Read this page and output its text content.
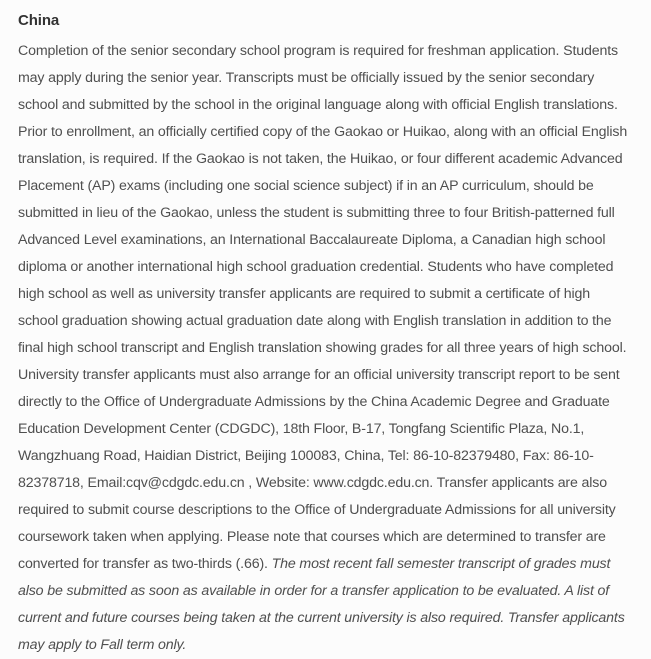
China

Completion of the senior secondary school program is required for freshman application. Students may apply during the senior year. Transcripts must be officially issued by the senior secondary school and submitted by the school in the original language along with official English translations. Prior to enrollment, an officially certified copy of the Gaokao or Huikao, along with an official English translation, is required. If the Gaokao is not taken, the Huikao, or four different academic Advanced Placement (AP) exams (including one social science subject) if in an AP curriculum, should be submitted in lieu of the Gaokao, unless the student is submitting three to four British-patterned full Advanced Level examinations, an International Baccalaureate Diploma, a Canadian high school diploma or another international high school graduation credential. Students who have completed high school as well as university transfer applicants are required to submit a certificate of high school graduation showing actual graduation date along with English translation in addition to the final high school transcript and English translation showing grades for all three years of high school. University transfer applicants must also arrange for an official university transcript report to be sent directly to the Office of Undergraduate Admissions by the China Academic Degree and Graduate Education Development Center (CDGDC), 18th Floor, B-17, Tongfang Scientific Plaza, No.1, Wangzhuang Road, Haidian District, Beijing 100083, China, Tel: 86-10-82379480, Fax: 86-10-82378718, Email:cqv@cdgdc.edu.cn , Website: www.cdgdc.edu.cn. Transfer applicants are also required to submit course descriptions to the Office of Undergraduate Admissions for all university coursework taken when applying. Please note that courses which are determined to transfer are converted for transfer as two-thirds (.66). The most recent fall semester transcript of grades must also be submitted as soon as available in order for a transfer application to be evaluated. A list of current and future courses being taken at the current university is also required. Transfer applicants may apply to Fall term only.
